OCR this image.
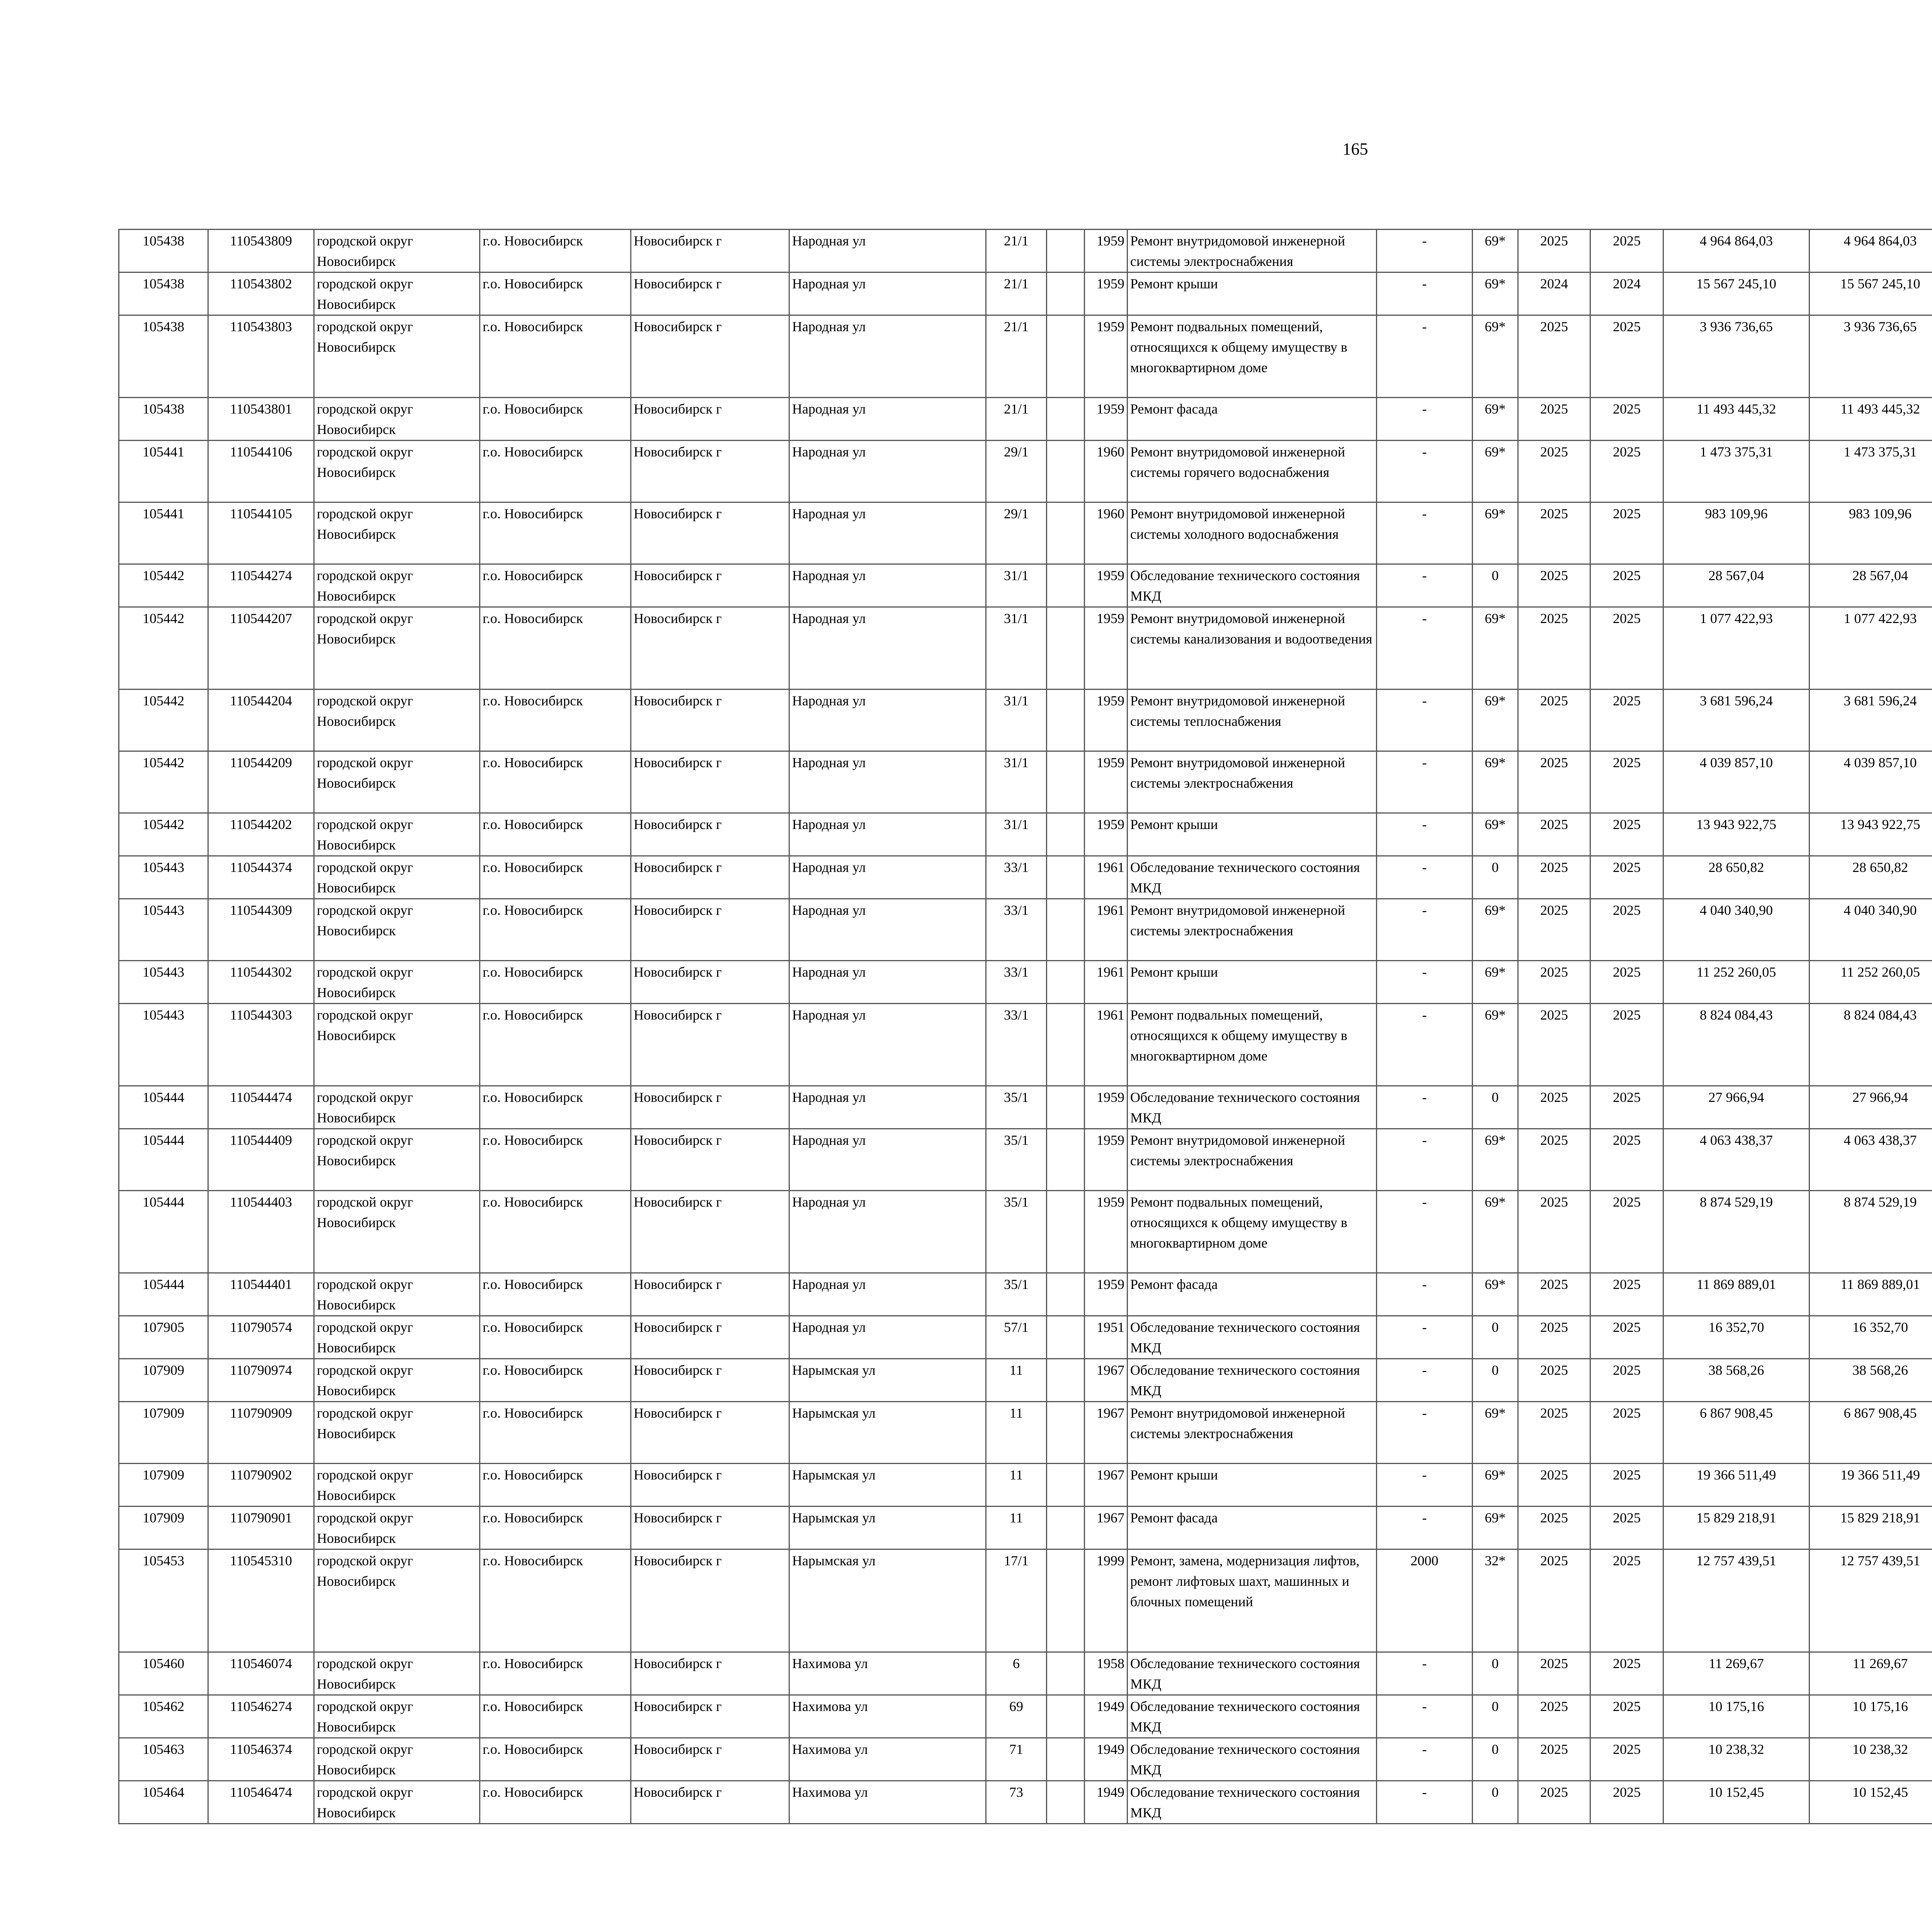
165
105438	110543809	городской округ Новосибирск	г.о. Новосибирск	Новосибирск г	Народная ул	21/1		1959	Ремонт внутридомовой инженерной системы электроснабжения	-	69*	2025	2025	4 964 864,03	4 964 864,03						
105438	110543802	городской округ Новосибирск	г.о. Новосибирск	Новосибирск г	Народная ул	21/1		1959	Ремонт крыши	-	69*	2024	2024	15 567 245,10	15 567 245,10						
105438	110543803	городской округ Новосибирск	г.о. Новосибирск	Новосибирск г	Народная ул	21/1		1959	Ремонт подвальных помещений, относящихся к общему имуществу в многоквартирном доме	-	69*	2025	2025	3 936 736,65	3 936 736,65						
105438	110543801	городской округ Новосибирск	г.о. Новосибирск	Новосибирск г	Народная ул	21/1		1959	Ремонт фасада	-	69*	2025	2025	11 493 445,32	11 493 445,32						
105441	110544106	городской округ Новосибирск	г.о. Новосибирск	Новосибирск г	Народная ул	29/1		1960	Ремонт внутридомовой инженерной системы горячего водоснабжения	-	69*	2025	2025	1 473 375,31	1 473 375,31						
105441	110544105	городской округ Новосибирск	г.о. Новосибирск	Новосибирск г	Народная ул	29/1		1960	Ремонт внутридомовой инженерной системы холодного водоснабжения	-	69*	2025	2025	983 109,96	983 109,96						
105442	110544274	городской округ Новосибирск	г.о. Новосибирск	Новосибирск г	Народная ул	31/1		1959	Обследование технического состояния МКД	-	0	2025	2025	28 567,04	28 567,04						
105442	110544207	городской округ Новосибирск	г.о. Новосибирск	Новосибирск г	Народная ул	31/1		1959	Ремонт внутридомовой инженерной системы канализования и водоотведения	-	69*	2025	2025	1 077 422,93	1 077 422,93						
105442	110544204	городской округ Новосибирск	г.о. Новосибирск	Новосибирск г	Народная ул	31/1		1959	Ремонт внутридомовой инженерной системы теплоснабжения	-	69*	2025	2025	3 681 596,24	3 681 596,24						
105442	110544209	городской округ Новосибирск	г.о. Новосибирск	Новосибирск г	Народная ул	31/1		1959	Ремонт внутридомовой инженерной системы электроснабжения	-	69*	2025	2025	4 039 857,10	4 039 857,10						
105442	110544202	городской округ Новосибирск	г.о. Новосибирск	Новосибирск г	Народная ул	31/1		1959	Ремонт крыши	-	69*	2025	2025	13 943 922,75	13 943 922,75						
105443	110544374	городской округ Новосибирск	г.о. Новосибирск	Новосибирск г	Народная ул	33/1		1961	Обследование технического состояния МКД	-	0	2025	2025	28 650,82	28 650,82						
105443	110544309	городской округ Новосибирск	г.о. Новосибирск	Новосибирск г	Народная ул	33/1		1961	Ремонт внутридомовой инженерной системы электроснабжения	-	69*	2025	2025	4 040 340,90	4 040 340,90						
105443	110544302	городской округ Новосибирск	г.о. Новосибирск	Новосибирск г	Народная ул	33/1		1961	Ремонт крыши	-	69*	2025	2025	11 252 260,05	11 252 260,05						
105443	110544303	городской округ Новосибирск	г.о. Новосибирск	Новосибирск г	Народная ул	33/1		1961	Ремонт подвальных помещений, относящихся к общему имуществу в многоквартирном доме	-	69*	2025	2025	8 824 084,43	8 824 084,43						
105444	110544474	городской округ Новосибирск	г.о. Новосибирск	Новосибирск г	Народная ул	35/1		1959	Обследование технического состояния МКД	-	0	2025	2025	27 966,94	27 966,94						
105444	110544409	городской округ Новосибирск	г.о. Новосибирск	Новосибирск г	Народная ул	35/1		1959	Ремонт внутридомовой инженерной системы электроснабжения	-	69*	2025	2025	4 063 438,37	4 063 438,37						
105444	110544403	городской округ Новосибирск	г.о. Новосибирск	Новосибирск г	Народная ул	35/1		1959	Ремонт подвальных помещений, относящихся к общему имуществу в многоквартирном доме	-	69*	2025	2025	8 874 529,19	8 874 529,19						
105444	110544401	городской округ Новосибирск	г.о. Новосибирск	Новосибирск г	Народная ул	35/1		1959	Ремонт фасада	-	69*	2025	2025	11 869 889,01	11 869 889,01						
107905	110790574	городской округ Новосибирск	г.о. Новосибирск	Новосибирск г	Народная ул	57/1		1951	Обследование технического состояния МКД	-	0	2025	2025	16 352,70	16 352,70						
107909	110790974	городской округ Новосибирск	г.о. Новосибирск	Новосибирск г	Нарымская ул	11		1967	Обследование технического состояния МКД	-	0	2025	2025	38 568,26	38 568,26						
107909	110790909	городской округ Новосибирск	г.о. Новосибирск	Новосибирск г	Нарымская ул	11		1967	Ремонт внутридомовой инженерной системы электроснабжения	-	69*	2025	2025	6 867 908,45	6 867 908,45						
107909	110790902	городской округ Новосибирск	г.о. Новосибирск	Новосибирск г	Нарымская ул	11		1967	Ремонт крыши	-	69*	2025	2025	19 366 511,49	19 366 511,49						
107909	110790901	городской округ Новосибирск	г.о. Новосибирск	Новосибирск г	Нарымская ул	11		1967	Ремонт фасада	-	69*	2025	2025	15 829 218,91	15 829 218,91						
105453	110545310	городской округ Новосибирск	г.о. Новосибирск	Новосибирск г	Нарымская ул	17/1		1999	Ремонт, замена, модернизация лифтов, ремонт лифтовых шахт, машинных и блочных помещений	2000	32*	2025	2025	12 757 439,51	12 757 439,51						
105460	110546074	городской округ Новосибирск	г.о. Новосибирск	Новосибирск г	Нахимова ул	6		1958	Обследование технического состояния МКД	-	0	2025	2025	11 269,67	11 269,67						
105462	110546274	городской округ Новосибирск	г.о. Новосибирск	Новосибирск г	Нахимова ул	69		1949	Обследование технического состояния МКД	-	0	2025	2025	10 175,16	10 175,16						
105463	110546374	городской округ Новосибирск	г.о. Новосибирск	Новосибирск г	Нахимова ул	71		1949	Обследование технического состояния МКД	-	0	2025	2025	10 238,32	10 238,32						
105464	110546474	городской округ Новосибирск	г.о. Новосибирск	Новосибирск г	Нахимова ул	73		1949	Обследование технического состояния МКД	-	0	2025	2025	10 152,45	10 152,45						
